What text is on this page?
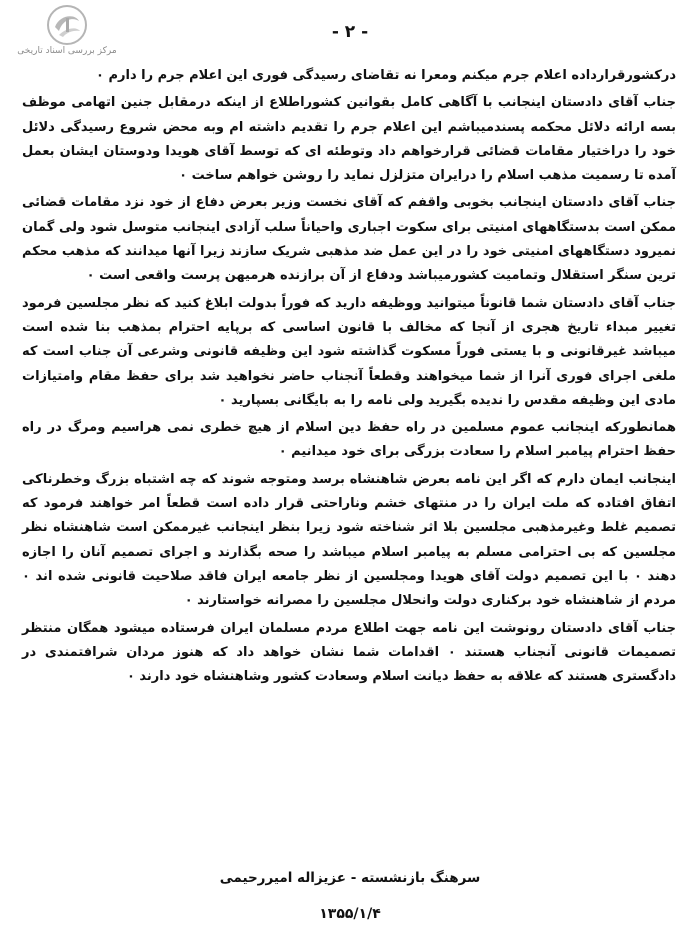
مرکز بررسی اسناد تاریخی
- ۲ -

درکشورقرارداده اعلام جرم میکنم ومعرا نه تقاضای رسیدگی فوری این اعلام جرم را دارم ۰

جناب آقای دادستان اینجانب با آگاهی کامل بقوانین کشوراطلاع از اینکه درمقابل جنین اتهامی موظف بسه ارائه دلائل محکمه پسندمیباشم این اعلام جرم را تقدیم داشته ام وبه محض شروع رسیدگی دلائل خود را دراختیار مقامات قضائی قرارخواهم داد وتوطئه ای که توسط آقای هویدا ودوستان ایشان بعمل آمده تا رسمیت مذهب اسلام را درایران متزلزل نماید را روشن خواهم ساخت ۰

جناب آقای دادستان اینجانب بخوبی واقفم که آقای نخست وزیر بعرض دفاع از خود نزد مقامات قضائی ممکن است بدستگاههای امنیتی برای سکوت اجباری واحیاناً سلب آزادی اینجانب متوسل شود ولی گمان نمیرود دستگاههای امنیتی خود را در این عمل ضد مذهبی شریک سازند زیرا آنها میدانند که مذهب محکم ترین سنگر استقلال وتمامیت کشورمیباشد ودفاع از آن برازنده هرمیهن پرست واقعی است ۰

جناب آقای دادستان شما قانوناً میتوانید ووظیفه دارید که فوراً بدولت ابلاغ کنید که نظر مجلسین فرمود تغییر مبداء تاریخ هجری از آنجا که مخالف با قانون اساسی که برپایه احترام بمذهب بنا شده است میباشد غیرقانونی و با یستی فوراً مسکوت گذاشته شود این وظیفه قانونی وشرعی آن جناب است که ملغی اجرای فوری آنرا از شما میخواهند وقطعاً آنجناب حاضر نخواهید شد برای حفظ مقام وامتیازات مادی این وظیفه مقدس را ندیده بگیرید ولی نامه را به بایگانی بسپارید ۰

همانطورکه اینجانب عموم مسلمین در راه حفظ دین اسلام از هیچ خطری نمی هراسیم ومرگ در راه حفظ احترام پیامبر اسلام را سعادت بزرگی برای خود میدانیم ۰

اینجانب ایمان دارم که اگر این نامه بعرض شاهنشاه برسد ومتوجه شوند که چه اشتباه بزرگ وخطرناکی اتفاق افتاده که ملت ایران را در منتهای خشم وناراحتی قرار داده است قطعاً امر خواهند فرمود که تصمیم غلط وغیرمذهبی مجلسین بلا اثر شناخته شود زیرا بنظر اینجانب غیرممکن است شاهنشاه نظر مجلسین که بی احترامی مسلم به پیامبر اسلام میباشد را صحه بگذارند و اجرای تصمیم آنان را اجازه دهند ۰ با این تصمیم دولت آقای هویدا ومجلسین از نظر جامعه ایران فاقد صلاحیت قانونی شده اند ۰ مردم از شاهنشاه خود برکناری دولت وانحلال مجلسین را مصرانه خواستارند ۰

جناب آقای دادستان رونوشت این نامه جهت اطلاع مردم مسلمان ایران فرستاده میشود همگان منتظر تصمیمات قانونی آنجناب هستند ۰ اقدامات شما نشان خواهد داد که هنوز مردان شرافتمندی در دادگستری هستند که علاقه به حفظ دیانت اسلام وسعادت کشور وشاهنشاه خود دارند ۰

سرهنگ بازنشسته - عزیزاله امیررحیمی
۱۳۵۵/۱/۴
